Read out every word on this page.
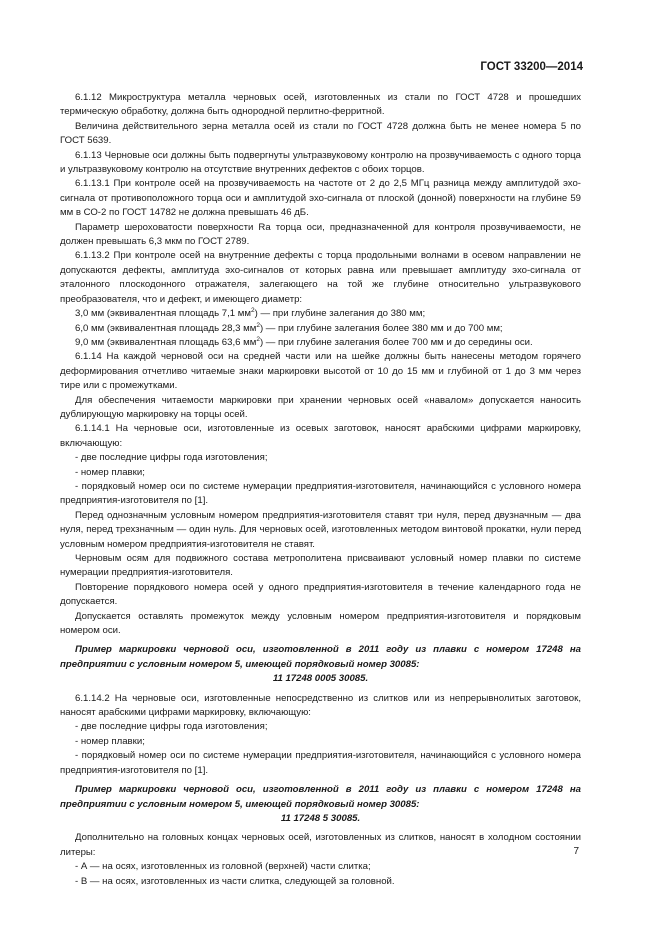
ГОСТ 33200—2014

6.1.12 Микроструктура металла черновых осей, изготовленных из стали по ГОСТ 4728 и прошедших термическую обработку, должна быть однородной перлитно-ферритной.

Величина действительного зерна металла осей из стали по ГОСТ 4728 должна быть не менее номера 5 по ГОСТ 5639.

6.1.13 Черновые оси должны быть подвергнуты ультразвуковому контролю на прозвучиваемость с одного торца и ультразвуковому контролю на отсутствие внутренних дефектов с обоих торцов.

6.1.13.1 При контроле осей на прозвучиваемость на частоте от 2 до 2,5 МГц разница между амплитудой эхо-сигнала от противоположного торца оси и амплитудой эхо-сигнала от плоской (донной) поверхности на глубине 59 мм в СО-2 по ГОСТ 14782 не должна превышать 46 дБ.

Параметр шероховатости поверхности Ra торца оси, предназначенной для контроля прозвучиваемости, не должен превышать 6,3 мкм по ГОСТ 2789.

6.1.13.2 При контроле осей на внутренние дефекты с торца продольными волнами в осевом направлении не допускаются дефекты, амплитуда эхо-сигналов от которых равна или превышает амплитуду эхо-сигнала от эталонного плоскодонного отражателя, залегающего на той же глубине относительно ультразвукового преобразователя, что и дефект, и имеющего диаметр:

3,0 мм (эквивалентная площадь 7,1 $мм^2$) — при глубине залегания до 380 мм;

6,0 мм (эквивалентная площадь 28,3 $мм^2$) — при глубине залегания более 380 мм и до 700 мм;

9,0 мм (эквивалентная площадь 63,6 $мм^2$) — при глубине залегания более 700 мм и до середины оси.

6.1.14 На каждой черновой оси на средней части или на шейке должны быть нанесены методом горячего деформирования отчетливо читаемые знаки маркировки высотой от 10 до 15 мм и глубиной от 1 до 3 мм через тире или с промежутками.

Для обеспечения читаемости маркировки при хранении черновых осей «навалом» допускается наносить дублирующую маркировку на торцы осей.

6.1.14.1 На черновые оси, изготовленные из осевых заготовок, наносят арабскими цифрами маркировку, включающую:

- две последние цифры года изготовления;

- номер плавки;

- порядковый номер оси по системе нумерации предприятия-изготовителя, начинающийся с условного номера предприятия-изготовителя по [1].

Перед однозначным условным номером предприятия-изготовителя ставят три нуля, перед двузначным — два нуля, перед трехзначным — один нуль. Для черновых осей, изготовленных методом винтовой прокатки, нули перед условным номером предприятия-изготовителя не ставят.

Черновым осям для подвижного состава метрополитена присваивают условный номер плавки по системе нумерации предприятия-изготовителя.

Повторение порядкового номера осей у одного предприятия-изготовителя в течение календарного года не допускается.

Допускается оставлять промежуток между условным номером предприятия-изготовителя и порядковым номером оси.

Пример маркировки черновой оси, изготовленной в 2011 году из плавки с номером 17248 на предприятии с условным номером 5, имеющей порядковый номер 30085:

11 17248 0005 30085.

6.1.14.2 На черновые оси, изготовленные непосредственно из слитков или из непрерывнолитых заготовок, наносят арабскими цифрами маркировку, включающую:

- две последние цифры года изготовления;

- номер плавки;

- порядковый номер оси по системе нумерации предприятия-изготовителя, начинающийся с условного номера предприятия-изготовителя по [1].

Пример маркировки черновой оси, изготовленной в 2011 году из плавки с номером 17248 на предприятии с условным номером 5, имеющей порядковый номер 30085:

11 17248 5 30085.

Дополнительно на головных концах черновых осей, изготовленных из слитков, наносят в холодном состоянии литеры:

- А — на осях, изготовленных из головной (верхней) части слитка;

- В — на осях, изготовленных из части слитка, следующей за головной.

7
